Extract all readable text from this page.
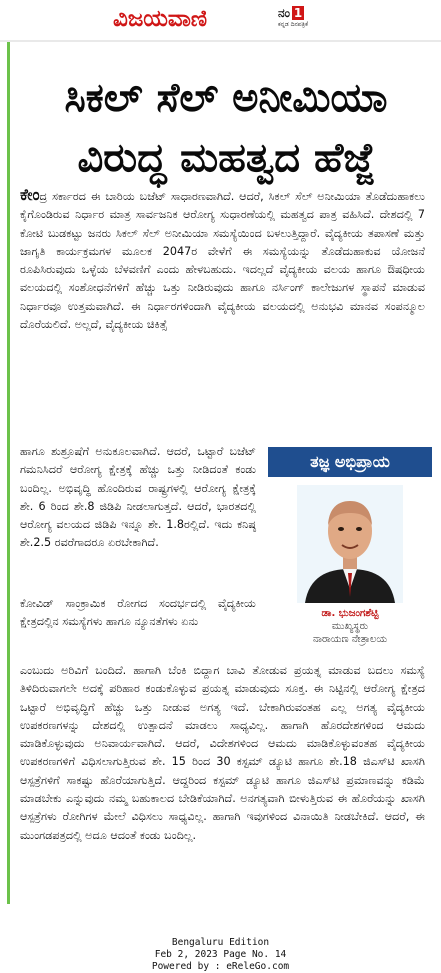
ವಿಜಯವಾಣಿ	ನಂ 1
ಕನ್ನಡ ದಿನಪತ್ರಿಕೆ
ಸಿಕಲ್ ಸೆಲ್ ಅನೀಮಿಯಾ
ವಿರುದ್ಧ ಮಹತ್ವದ ಹೆಜ್ಜೆ
ಕೇಂದ್ರ ಸರ್ಕಾರದ ಈ ಬಾರಿಯ ಬಜೆಟ್ ಸಾಧಾರಣವಾಗಿದೆ. ಆದರೆ, ಸಿಕಲ್ ಸೆಲ್ ಅನೀಮಿಯಾ ತೊಡೆದುಹಾಕಲು ಕೈಗೊಂಡಿರುವ ನಿರ್ಧಾರ ಮಾತ್ರ ಸಾರ್ವಜನಿಕ ಆರೋಗ್ಯ ಸುಧಾರಣೆಯಲ್ಲಿ ಮಹತ್ವದ ಪಾತ್ರ ವಹಿಸಿದೆ. ದೇಶದಲ್ಲಿ 7 ಕೋಟಿ ಬುಡಕಟ್ಟು ಜನರು ಸಿಕಲ್ ಸೆಲ್ ಅನೀಮಿಯಾ ಸಮಸ್ಯೆಯಿಂದ ಬಳಲುತ್ತಿದ್ದಾರೆ. ವೈದ್ಯಕೀಯ ತಪಾಸಣೆ ಮತ್ತು ಜಾಗೃತಿ ಕಾರ್ಯಕ್ರಮಗಳ ಮೂಲಕ 2047ರ ವೇಳೆಗೆ ಈ ಸಮಸ್ಯೆಯನ್ನು ತೊಡೆದುಹಾಕುವ ಯೋಜನೆ ರೂಪಿಸಿರುವುದು ಒಳ್ಳೆಯ ಬೆಳವಣಿಗೆ ಎಂದು ಹೇಳಬಹುದು. ಇದಲ್ಲದೆ ವೈದ್ಯಕೀಯ ವಲಯ ಹಾಗೂ ಔಷಧೀಯ ವಲಯದಲ್ಲಿ ಸಂಶೋಧನೆಗಳಿಗೆ ಹೆಚ್ಚು ಒತ್ತು ನೀಡಿರುವುದು ಹಾಗೂ ನರ್ಸಿಂಗ್ ಕಾಲೇಜುಗಳ ಸ್ಥಾಪನೆ ಮಾಡುವ ನಿರ್ಧಾರವೂ ಉತ್ತಮವಾಗಿದೆ. ಈ ನಿರ್ಧಾರಗಳಿಂದಾಗಿ ವೈದ್ಯಕೀಯ ವಲಯದಲ್ಲಿ ಅನುಭವಿ ಮಾನವ ಸಂಪನ್ಮೂಲ ದೊರೆಯಲಿದೆ. ಅಲ್ಲದೆ, ವೈದ್ಯಕೀಯ ಚಿಕಿತ್ಸೆ
ಹಾಗೂ ಶುಶ್ರೂಷೆಗೆ ಅನುಕೂಲವಾಗಿದೆ. ಆದರೆ, ಒಟ್ಟಾರೆ ಬಜೆಟ್ ಗಮನಿಸಿದರೆ ಆರೋಗ್ಯ ಕ್ಷೇತ್ರಕ್ಕೆ ಹೆಚ್ಚು ಒತ್ತು ನೀಡಿದಂತೆ ಕಂಡು ಬಂದಿಲ್ಲ. ಅಭಿವೃದ್ಧಿ ಹೊಂದಿರುವ ರಾಷ್ಟ್ರಗಳಲ್ಲಿ ಆರೋಗ್ಯ ಕ್ಷೇತ್ರಕ್ಕೆ ಶೇ. 6 ರಿಂದ ಶೇ.8 ಜಿಡಿಪಿ ನೀಡಲಾಗುತ್ತದೆ. ಆದರೆ, ಭಾರತದಲ್ಲಿ ಆರೋಗ್ಯ ವಲಯದ ಜಿಡಿಪಿ ಇನ್ನೂ ಶೇ. 1.8ರಲ್ಲಿದೆ. ಇದು ಕನಿಷ್ಠ ಶೇ.2.5 ರವರೆಗಾದರೂ ಏರಬೇಕಾಗಿದೆ.
ಕೋವಿಡ್ ಸಾಂಕ್ರಾಮಿಕ ರೋಗದ ಸಂದರ್ಭದಲ್ಲಿ ವೈದ್ಯಕೀಯ ಕ್ಷೇತ್ರದಲ್ಲಿನ ಸಮಸ್ಯೆಗಳು ಹಾಗೂ ನ್ಯೂನತೆಗಳು ಏನು
ಎಂಬುದು ಅರಿವಿಗೆ ಬಂದಿದೆ. ಹಾಗಾಗಿ ಬೆಂಕಿ ಬಿದ್ದಾಗ ಬಾವಿ ತೋಡುವ ಪ್ರಯತ್ನ ಮಾಡುವ ಬದಲು ಸಮಸ್ಯೆ ತಿಳಿದಿರುವಾಗಲೇ ಅದಕ್ಕೆ ಪರಿಹಾರ ಕಂಡುಕೊಳ್ಳುವ ಪ್ರಯತ್ನ ಮಾಡುವುದು ಸೂಕ್ತ. ಈ ನಿಟ್ಟಿನಲ್ಲಿ ಆರೋಗ್ಯ ಕ್ಷೇತ್ರದ ಒಟ್ಟಾರೆ ಅಭಿವೃದ್ಧಿಗೆ ಹೆಚ್ಚು ಒತ್ತು ನೀಡುವ ಅಗತ್ಯ ಇದೆ. ಬೇಕಾಗಿರುವಂತಹ ಎಲ್ಲ ಅಗತ್ಯ ವೈದ್ಯಕೀಯ ಉಪಕರಣಗಳನ್ನು ದೇಶದಲ್ಲಿ ಉತ್ಪಾದನೆ ಮಾಡಲು ಸಾಧ್ಯವಿಲ್ಲ. ಹಾಗಾಗಿ ಹೊರದೇಶಗಳಿಂದ ಆಮದು ಮಾಡಿಕೊಳ್ಳುವುದು ಅನಿವಾರ್ಯವಾಗಿದೆ. ಆದರೆ, ವಿದೇಶಗಳಿಂದ ಆಮದು ಮಾಡಿಕೊಳ್ಳುವಂತಹ ವೈದ್ಯಕೀಯ ಉಪಕರಣಗಳಿಗೆ ವಿಧಿಸಲಾಗುತ್ತಿರುವ ಶೇ. 15 ರಿಂದ 30 ಕಸ್ಟಮ್ ಡ್ಯೂಟಿ ಹಾಗೂ ಶೇ.18 ಜಿಎಸ್‌ಟಿ ಖಾಸಗಿ ಆಸ್ಪತ್ರೆಗಳಿಗೆ ಸಾಕಷ್ಟು ಹೊರೆಯಾಗುತ್ತಿದೆ. ಆದ್ದರಿಂದ ಕಸ್ಟಮ್ ಡ್ಯೂಟಿ ಹಾಗೂ ಜಿಎಸ್‌ಟಿ ಪ್ರಮಾಣವನ್ನು ಕಡಿಮೆ ಮಾಡಬೇಕು ಎನ್ನುವುದು ನಮ್ಮ ಬಹುಕಾಲದ ಬೇಡಿಕೆಯಾಗಿದೆ. ಅನಗತ್ಯವಾಗಿ ಬೀಳುತ್ತಿರುವ ಈ ಹೊರೆಯನ್ನು ಖಾಸಗಿ ಆಸ್ಪತ್ರೆಗಳು ರೋಗಿಗಳ ಮೇಲೆ ವಿಧಿಸಲು ಸಾಧ್ಯವಿಲ್ಲ. ಹಾಗಾಗಿ ಇವುಗಳಿಂದ ವಿನಾಯಿತಿ ನೀಡಬೇಕಿದೆ. ಆದರೆ, ಈ ಮುಂಗಡಪತ್ರದಲ್ಲಿ ಅದೂ ಆದಂತೆ ಕಂಡು ಬಂದಿಲ್ಲ.
ತಜ್ಞ ಅಭಿಪ್ರಾಯ
ಡಾ. ಭುಜಂಗಶೆಟ್ಟಿ
ಮುಖ್ಯಸ್ಥರು
ನಾರಾಯಣ ನೇತ್ರಾಲಯ
Bengaluru Edition
Feb 2, 2023 Page No. 14
Powered by : eReleGo.com
